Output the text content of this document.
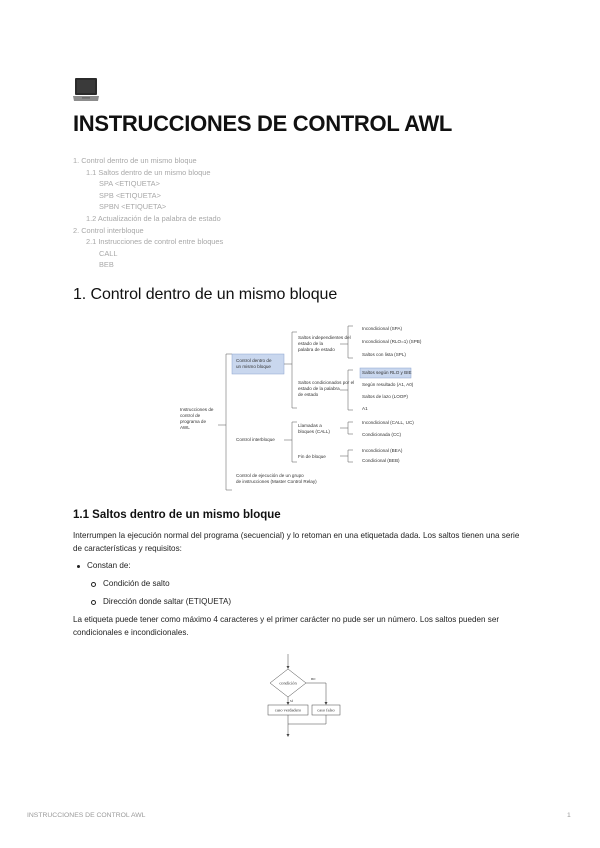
INSTRUCCIONES DE CONTROL AWL
1. Control dentro de un mismo bloque
1.1 Saltos dentro de un mismo bloque
SPA <ETIQUETA>
SPB <ETIQUETA>
SPBN <ETIQUETA>
1.2 Actualización de la palabra de estado
2. Control interbloque
2.1 Instrucciones de control entre bloques
CALL
BEB
1. Control dentro de un mismo bloque
Instrucciones de control de programa de AWL
Control dentro de un mismo bloque
Control interbloque
Control de ejecución de un grupo de instrucciones (Master Control Relay)
Saltos independientes del estado de la palabra de estado
Saltos condicionados por el estado de la palabra de estado
Llamadas a bloques (CALL)
Fin de bloque
Incondicional (SPA)
Incondicional (RLO=1) (SPB)
Saltos con lista (SPL)
Saltos según RLO y BIE
Según resultado (A1, A0)
Saltos de lazo (LOOP)
A1
Incondicional (CALL, UC)
Condicionada (CC)
Incondicional (BEA)
Condicional (BEB)
1.1 Saltos dentro de un mismo bloque

Interrumpen la ejecución normal del programa (secuencial) y lo retoman en una etiquetada dada. Los saltos tienen una serie de características y requisitos:

Constan de:
Condición de salto
Dirección donde saltar (ETIQUETA)

La etiqueta puede tener como máximo 4 caracteres y el primer carácter no pude ser un número. Los saltos pueden ser condicionales e incondicionales.

condición
no
si
caso verdadero	caso falso
INSTRUCCIONES DE CONTROL AWL	1
